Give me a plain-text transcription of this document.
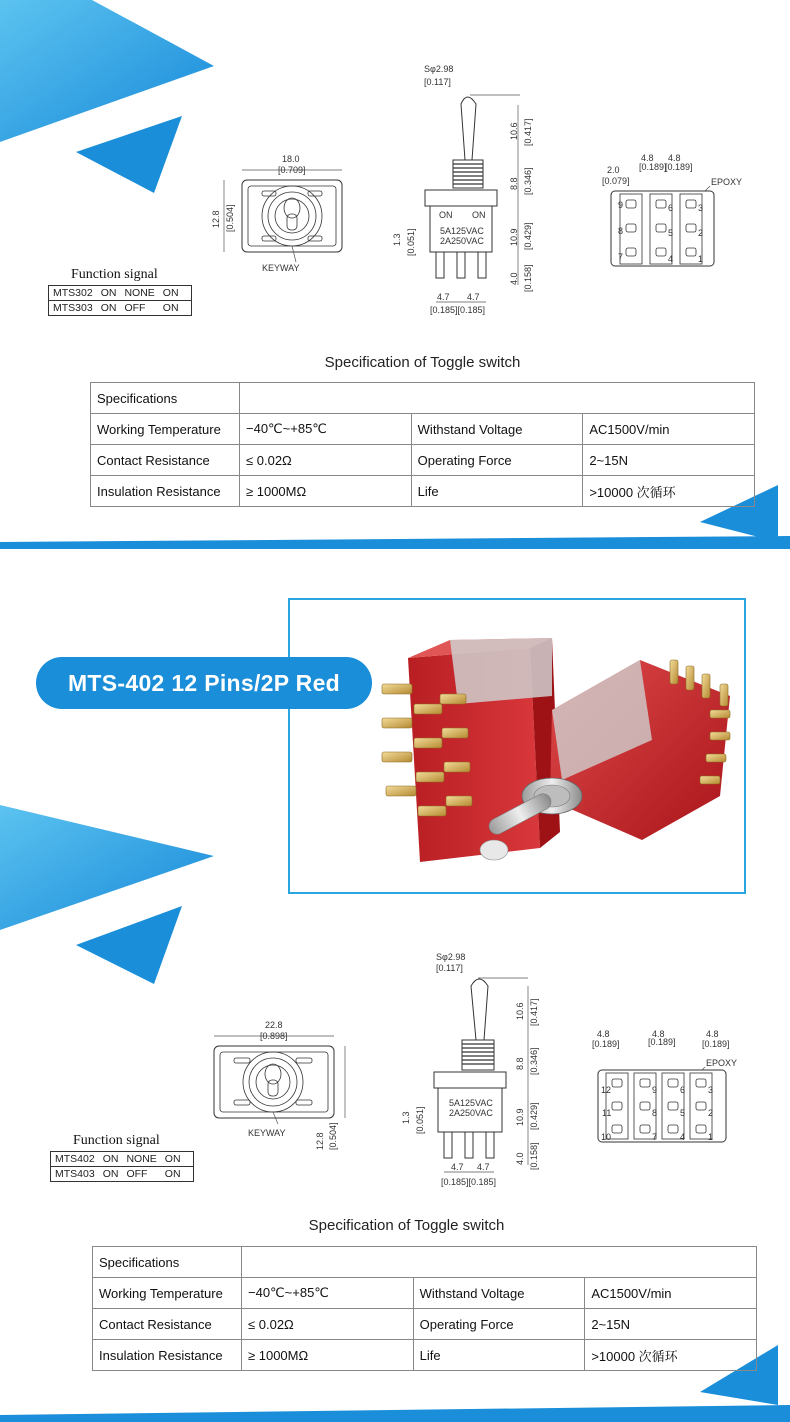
18.0
[0.709]
12.8 [0.504]
KEYWAY
Sφ2.98
[0.117]
ON ON
5A125VAC
2A250VAC
10.6 [0.417]
8.8 [0.346]
10.9 [0.429]
4.0 [0.158]
1.3 [0.051]
4.7 4.7
[0.185][0.185]
2.0
[0.079]
4.8
[0.189]
4.8
[0.189]
EPOXY
9	6	3
8	5	2
7	4	1
Function signal
MTS302	ON	NONE	ON
MTS303	ON	OFF	ON
Specification of Toggle switch
Specifications			
Working Temperature	−40℃~+85℃	Withstand Voltage	AC1500V/min
Contact Resistance	≤ 0.02Ω	Operating Force	2~15N
Insulation Resistance	≥ 1000MΩ	Life	>10000 次循环
MTS-402 12 Pins/2P Red
22.8
[0.898]
12.8 [0.504]
KEYWAY
Sφ2.98
[0.117]
5A125VAC
2A250VAC
10.6 [0.417]
8.8 [0.346]
10.9 [0.429]
4.0 [0.158]
1.3 [0.051]
4.7 4.7
[0.185][0.185]
4.8
[0.189]
4.8
[0.189]
4.8
[0.189]
EPOXY
12	9	6	3
11	8	5	2
10	7	4	1
Function signal
MTS402	ON	NONE	ON
MTS403	ON	OFF	ON
Specification of Toggle switch
Specifications			
Working Temperature	−40℃~+85℃	Withstand Voltage	AC1500V/min
Contact Resistance	≤ 0.02Ω	Operating Force	2~15N
Insulation Resistance	≥ 1000MΩ	Life	>10000 次循环
